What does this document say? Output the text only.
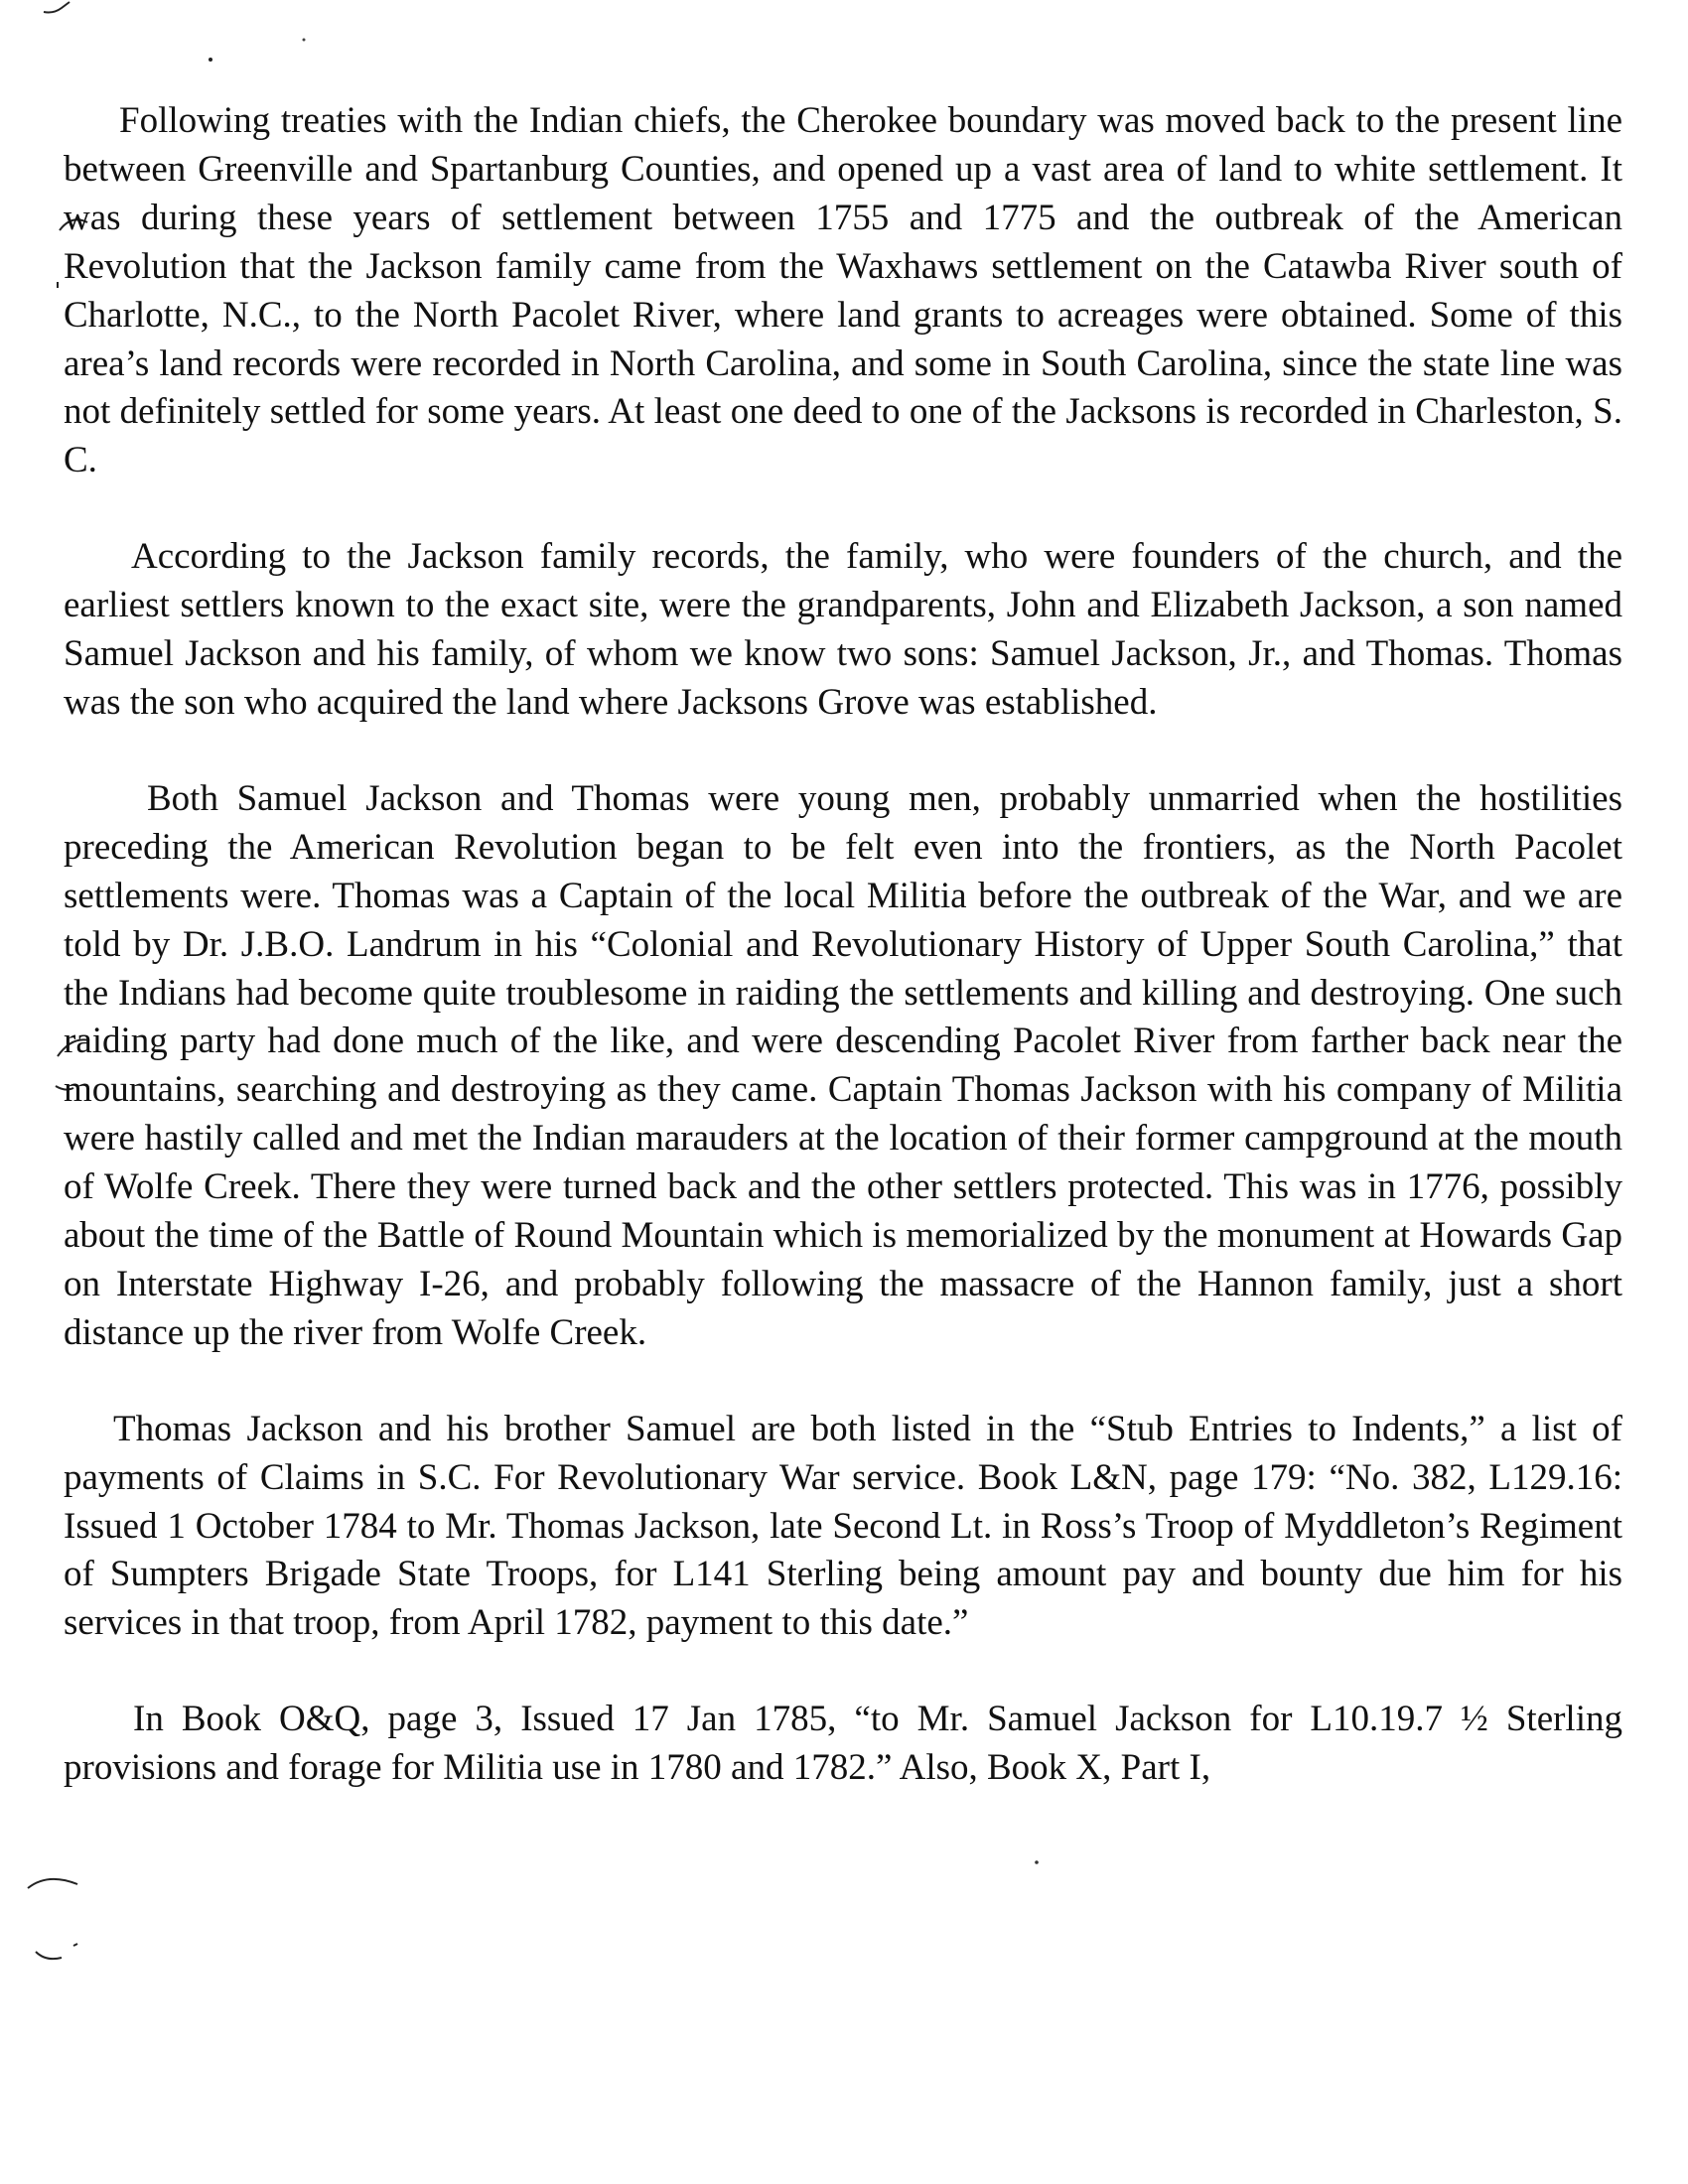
Following treaties with the Indian chiefs, the Cherokee boundary was moved back to the present line between Greenville and Spartanburg Counties, and opened up a vast area of land to white settlement. It was during these years of settlement between 1755 and 1775 and the outbreak of the American Revolution that the Jackson family came from the Waxhaws settlement on the Catawba River south of Charlotte, N.C., to the North Pacolet River, where land grants to acreages were obtained. Some of this area’s land records were recorded in North Carolina, and some in South Carolina, since the state line was not definitely settled for some years. At least one deed to one of the Jacksons is recorded in Charleston, S. C.

According to the Jackson family records, the family, who were founders of the church, and the earliest settlers known to the exact site, were the grandparents, John and Elizabeth Jackson, a son named Samuel Jackson and his family, of whom we know two sons: Samuel Jackson, Jr., and Thomas. Thomas was the son who acquired the land where Jacksons Grove was established.

Both Samuel Jackson and Thomas were young men, probably unmarried when the hostilities preceding the American Revolution began to be felt even into the frontiers, as the North Pacolet settlements were. Thomas was a Captain of the local Militia before the outbreak of the War, and we are told by Dr. J.B.O. Landrum in his “Colonial and Revolutionary History of Upper South Carolina,” that the Indians had become quite troublesome in raiding the settlements and killing and destroying. One such raiding party had done much of the like, and were descending Pacolet River from farther back near the mountains, searching and destroying as they came. Captain Thomas Jackson with his company of Militia were hastily called and met the Indian marauders at the location of their former campground at the mouth of Wolfe Creek. There they were turned back and the other settlers protected. This was in 1776, possibly about the time of the Battle of Round Mountain which is memorialized by the monument at Howards Gap on Interstate Highway I-26, and probably following the massacre of the Hannon family, just a short distance up the river from Wolfe Creek.

Thomas Jackson and his brother Samuel are both listed in the “Stub Entries to Indents,” a list of payments of Claims in S.C. For Revolutionary War service. Book L&N, page 179: “No. 382, L129.16: Issued 1 October 1784 to Mr. Thomas Jackson, late Second Lt. in Ross’s Troop of Myddleton’s Regiment of Sumpters Brigade State Troops, for L141 Sterling being amount pay and bounty due him for his services in that troop, from April 1782, payment to this date.”

In Book O&Q, page 3, Issued 17 Jan 1785, “to Mr. Samuel Jackson for L10.19.7 ½ Sterling provisions and forage for Militia use in 1780 and 1782.” Also, Book X, Part I,
